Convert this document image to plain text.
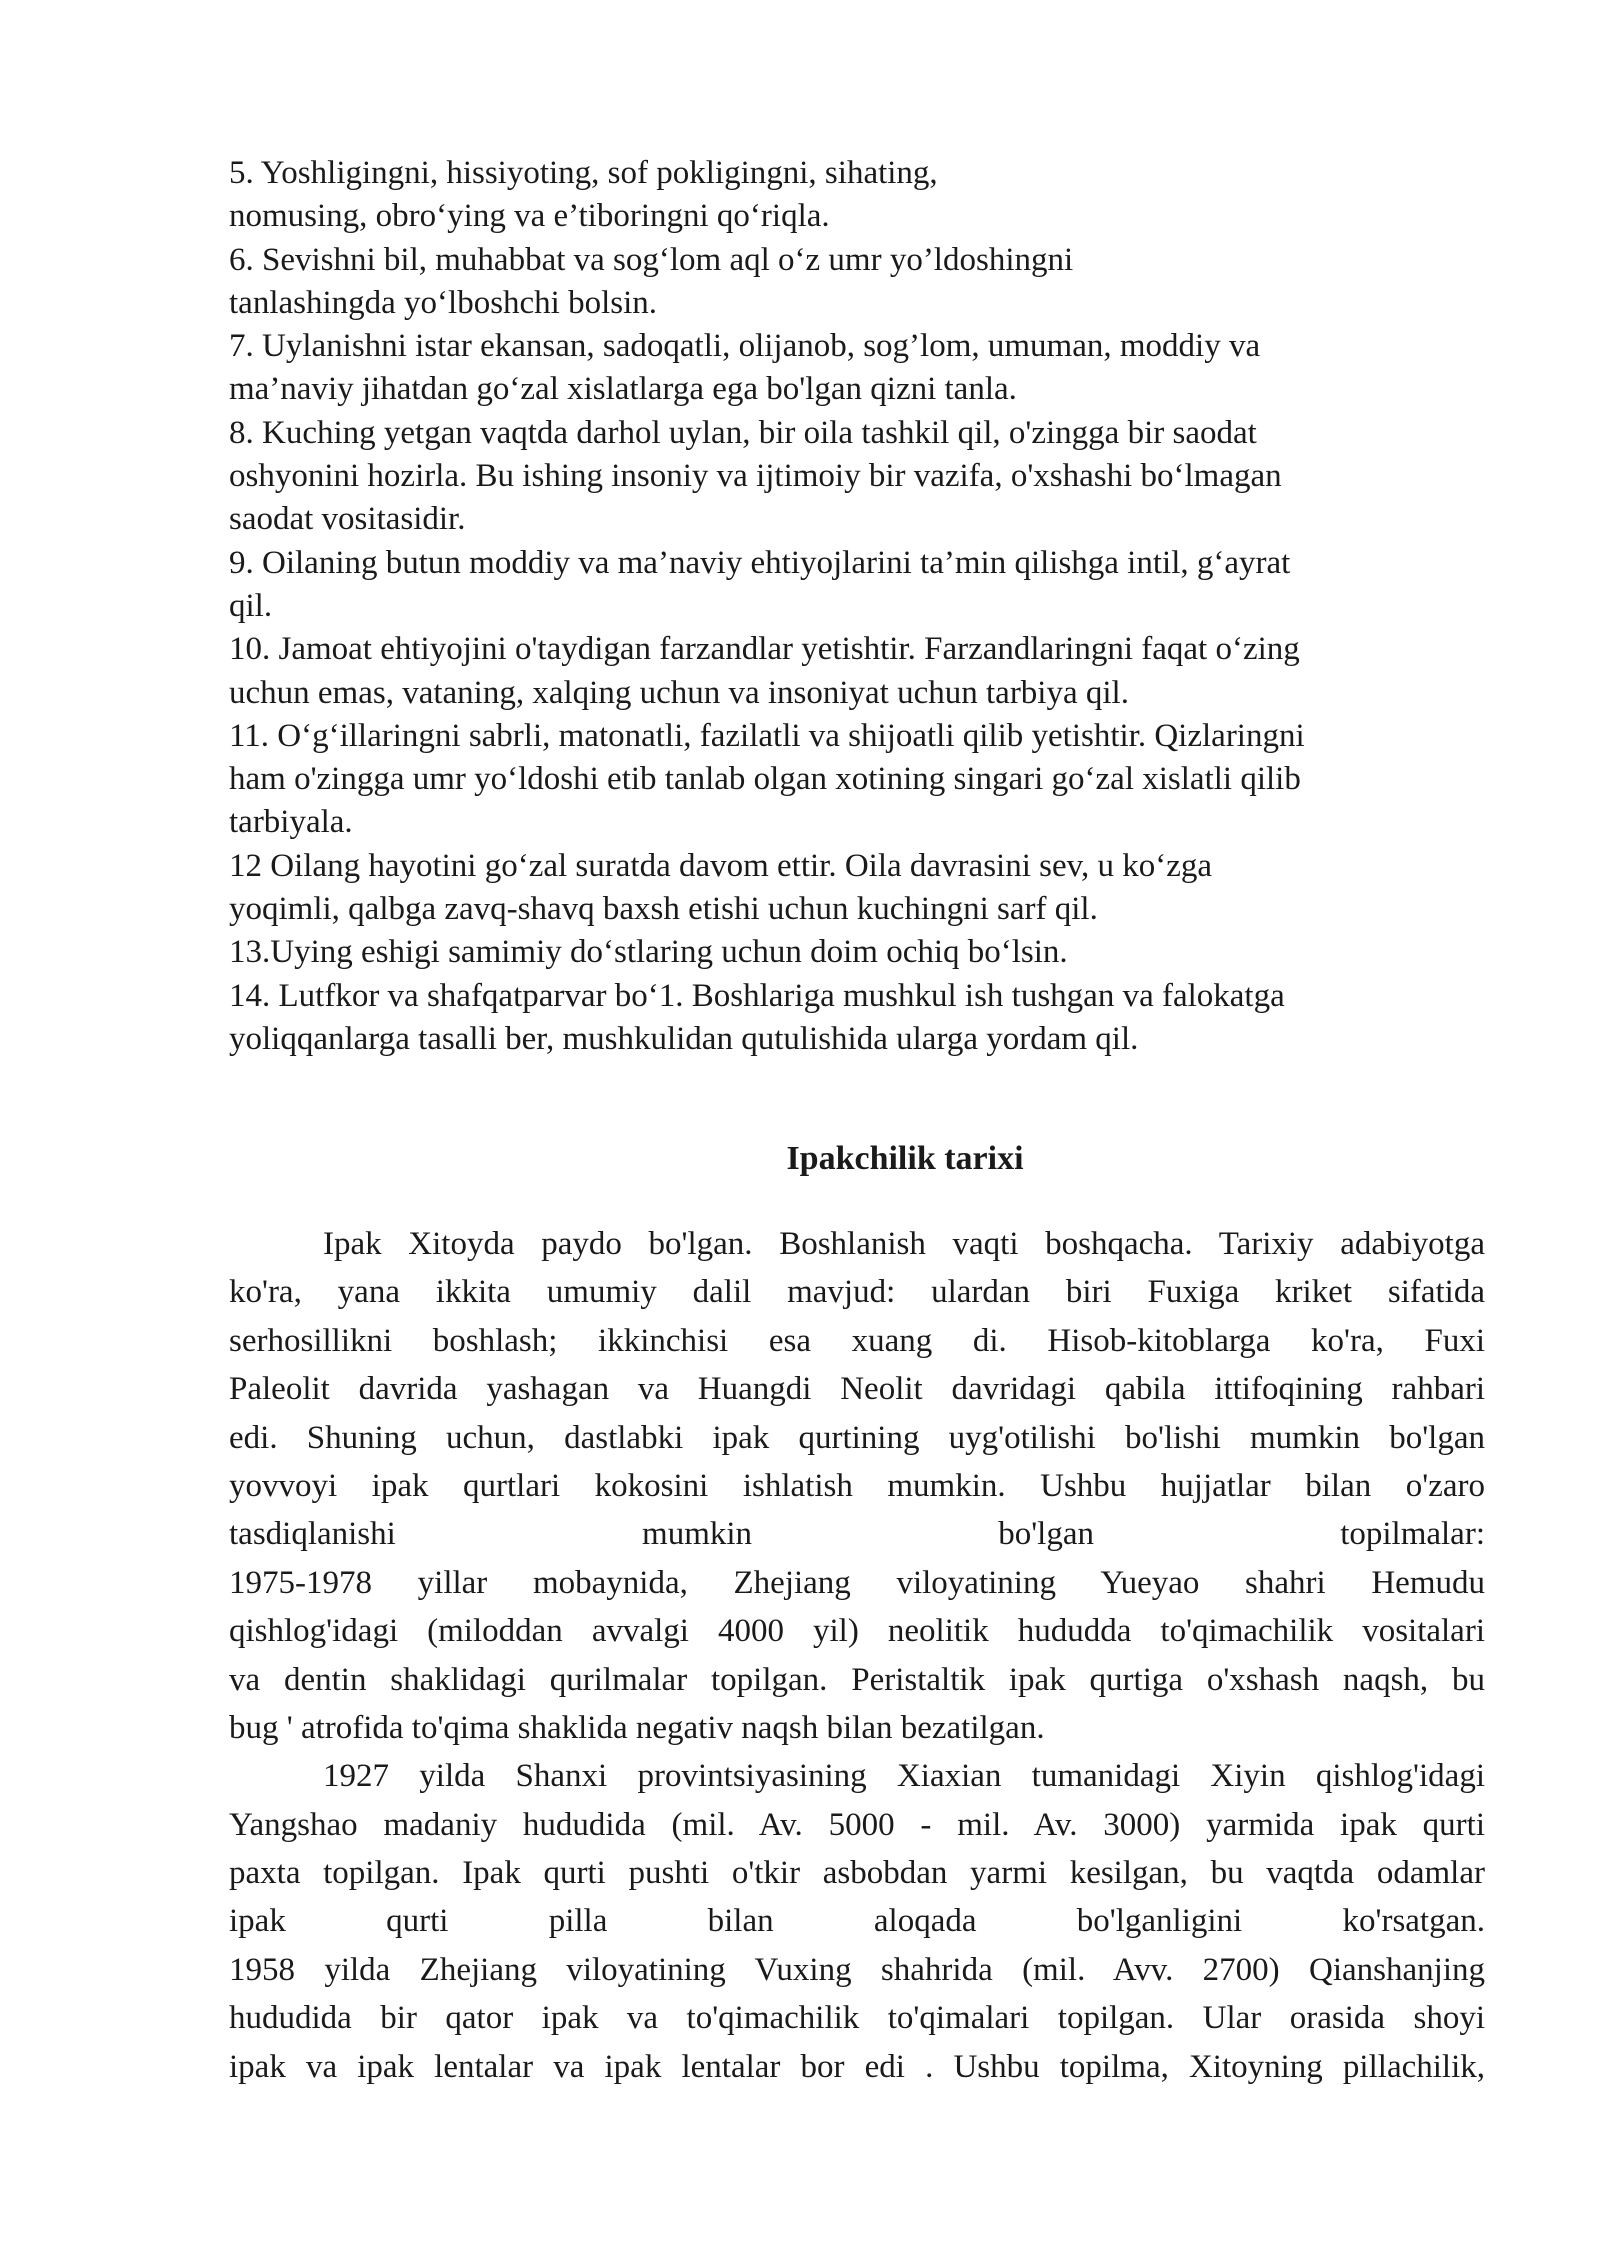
5. Yoshligingni, hissiyoting, sof pokligingni, sihating,

nomusing, obro‘ying va e’tiboringni qo‘riqla.

6. Sevishni bil, muhabbat va sog‘lom aql o‘z umr yo’ldoshingni

tanlashingda yo‘lboshchi bolsin.

7. Uylanishni istar ekansan, sadoqatli, olijanob, sog’lom, umuman, moddiy va

ma’naviy jihatdan go‘zal xislatlarga ega bo'lgan qizni tanla.

8. Kuching yetgan vaqtda darhol uylan, bir oila tashkil qil, o'zingga bir saodat

oshyonini hozirla. Bu ishing insoniy va ijtimoiy bir vazifa, o'xshashi bo‘lmagan

saodat vositasidir.

9. Oilaning butun moddiy va ma’naviy ehtiyojlarini ta’min qilishga intil, g‘ayrat

qil.

10. Jamoat ehtiyojini o'taydigan farzandlar yetishtir. Farzandlaringni faqat o‘zing

uchun emas, vataning, xalqing uchun va insoniyat uchun tarbiya qil.

11. O‘g‘illaringni sabrli, matonatli, fazilatli va shijoatli qilib yetishtir. Qizlaringni

ham o'zingga umr yo‘ldoshi etib tanlab olgan xotining singari go‘zal xislatli qilib

tarbiyala.

12 Oilang hayotini go‘zal suratda davom ettir. Oila davrasini sev, u ko‘zga

yoqimli, qalbga zavq-shavq baxsh etishi uchun kuchingni sarf qil.

13.Uying eshigi samimiy do‘stlaring uchun doim ochiq bo‘lsin.

14. Lutfkor va shafqatparvar bo‘1. Boshlariga mushkul ish tushgan va falokatga

yoliqqanlarga tasalli ber, mushkulidan qutulishida ularga yordam qil.

Ipakchilik tarixi

Ipak Xitoyda paydo bo'lgan. Boshlanish vaqti boshqacha. Tarixiy adabiyotga

ko'ra, yana ikkita umumiy dalil mavjud: ulardan biri Fuxiga kriket sifatida

serhosillikni boshlash; ikkinchisi esa xuang di. Hisob-kitoblarga ko'ra, Fuxi

Paleolit davrida yashagan va Huangdi Neolit davridagi qabila ittifoqining rahbari

edi. Shuning uchun, dastlabki ipak qurtining uyg'otilishi bo'lishi mumkin bo'lgan

yovvoyi ipak qurtlari kokosini ishlatish mumkin. Ushbu hujjatlar bilan o'zaro

tasdiqlanishi mumkin bo'lgan topilmalar:

1975-1978 yillar mobaynida, Zhejiang viloyatining Yueyao shahri Hemudu

qishlog'idagi (miloddan avvalgi 4000 yil) neolitik hududda to'qimachilik vositalari

va dentin shaklidagi qurilmalar topilgan. Peristaltik ipak qurtiga o'xshash naqsh, bu

bug ' atrofida to'qima shaklida negativ naqsh bilan bezatilgan.

1927 yilda Shanxi provintsiyasining Xiaxian tumanidagi Xiyin qishlog'idagi

Yangshao madaniy hududida (mil. Av. 5000 - mil. Av. 3000) yarmida ipak qurti

paxta topilgan. Ipak qurti pushti o'tkir asbobdan yarmi kesilgan, bu vaqtda odamlar

ipak qurti pilla bilan aloqada bo'lganligini ko'rsatgan.

1958 yilda Zhejiang viloyatining Vuxing shahrida (mil. Avv. 2700) Qianshanjing

hududida bir qator ipak va to'qimachilik to'qimalari topilgan. Ular orasida shoyi

ipak va ipak lentalar va ipak lentalar bor edi . Ushbu topilma, Xitoyning pillachilik,
